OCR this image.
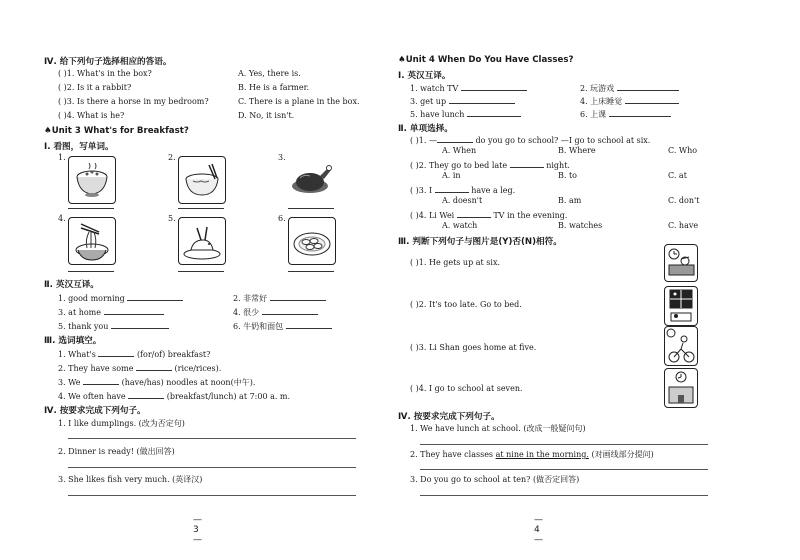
Ⅳ. 给下列句子选择相应的答语。
( )1. What's in the box?	A. Yes, there is.
( )2. Is it a rabbit?	B. He is a farmer.
( )3. Is there a horse in my bedroom?	C. There is a plane in the box.
( )4. What is he?	D. No, it isn't.
♠Unit 3 What's for Breakfast?
Ⅰ. 看图，写单词。
1.	2.	3.
4.	5.	6.
Ⅱ. 英汉互译。
1. good morning	2. 非常好
3. at home	4. 很少
5. thank you	6. 牛奶和面包
Ⅲ. 选词填空。
1. What's	(for/of) breakfast?
2. They have some	(rice/rices).
3. We	(have/has) noodles at noon(中午).
4. We often have	(breakfast/lunch) at 7:00 a. m.
Ⅳ. 按要求完成下列句子。
1. I like dumplings. (改为否定句)
2. Dinner is ready! (做出回答)
3. She likes fish very much. (英译汉)
—3—
♠Unit 4 When Do You Have Classes?
Ⅰ. 英汉互译。
1. watch TV	2. 玩游戏
3. get up	4. 上床睡觉
5. have lunch	6. 上课
Ⅱ. 单项选择。
( )1. —	do you go to school? —I go to school at six.
A. When	B. Where	C. Who
( )2. They go to bed late	night.
A. in	B. to	C. at
( )3. I	have a leg.
A. doesn't	B. am	C. don't
( )4. Li Wei	TV in the evening.
A. watch	B. watches	C. have
Ⅲ. 判断下列句子与图片是(Y)否(N)相符。
( )1. He gets up at six.
( )2. It's too late. Go to bed.
( )3. Li Shan goes home at five.
( )4. I go to school at seven.
Ⅳ. 按要求完成下列句子。
1. We have lunch at school. (改成一般疑问句)
2. They have classes at nine in the morning. (对画线部分提问)
3. Do you go to school at ten? (做否定回答)
—4—
